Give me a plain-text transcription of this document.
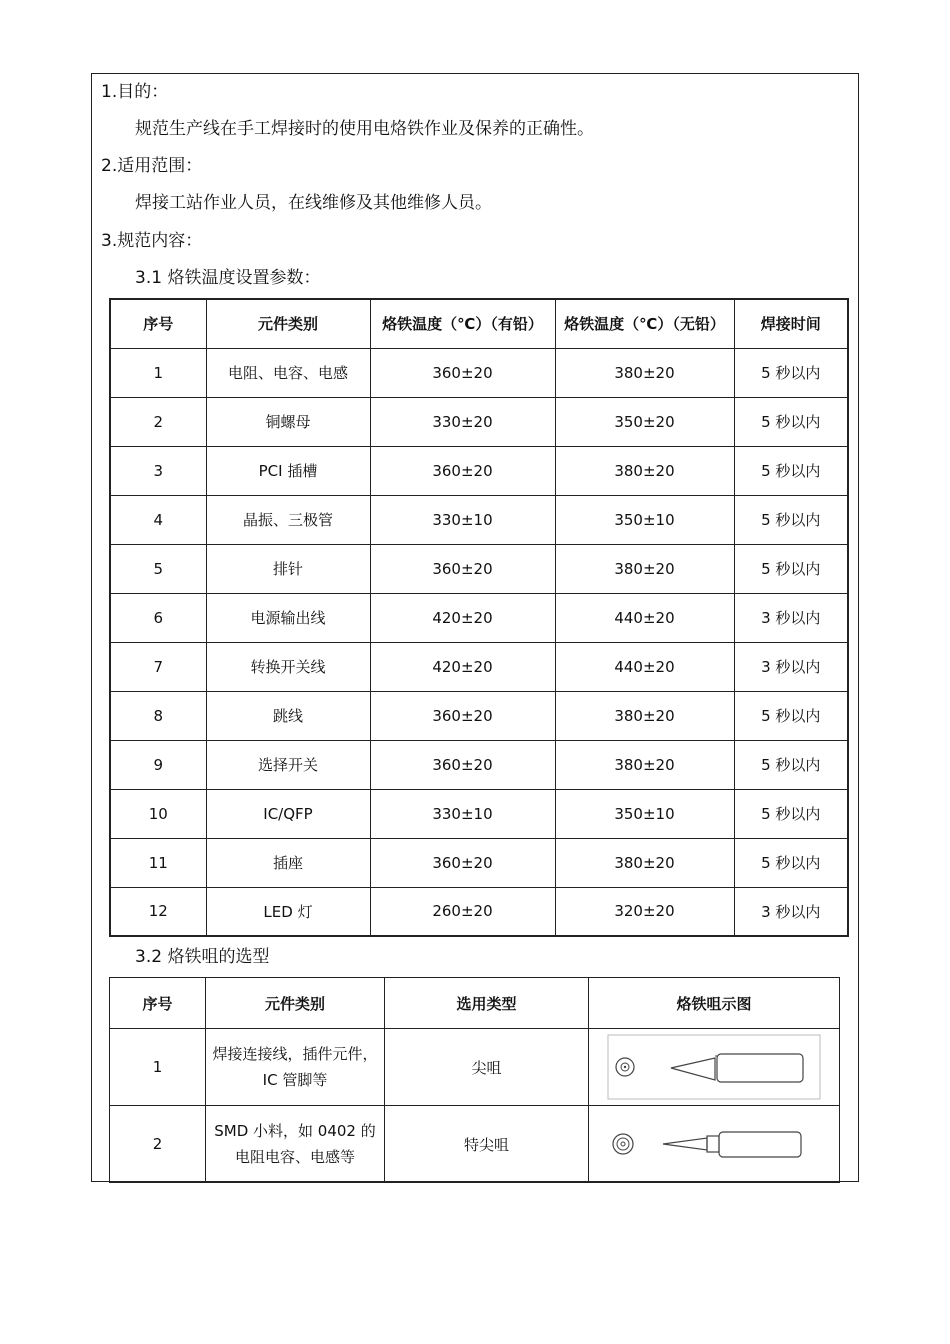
1.目的：
规范生产线在手工焊接时的使用电烙铁作业及保养的正确性。
2.适用范围：
焊接工站作业人员，在线维修及其他维修人员。
3.规范内容：
3.1 烙铁温度设置参数：
序号	元件类别	烙铁温度（℃）（有铅）	烙铁温度（℃）（无铅）	焊接时间
1	电阻、电容、电感	360±20	380±20	5 秒以内
2	铜螺母	330±20	350±20	5 秒以内
3	PCI 插槽	360±20	380±20	5 秒以内
4	晶振、三极管	330±10	350±10	5 秒以内
5	排针	360±20	380±20	5 秒以内
6	电源输出线	420±20	440±20	3 秒以内
7	转换开关线	420±20	440±20	3 秒以内
8	跳线	360±20	380±20	5 秒以内
9	选择开关	360±20	380±20	5 秒以内
10	IC/QFP	330±10	350±10	5 秒以内
11	插座	360±20	380±20	5 秒以内
12	LED 灯	260±20	320±20	3 秒以内
3.2 烙铁咀的选型
序号	元件类别	选用类型	烙铁咀示图
1	焊接连接线，插件元件，IC 管脚等	尖咀	

2	SMD 小料，如 0402 的电阻电容、电感等	特尖咀	
